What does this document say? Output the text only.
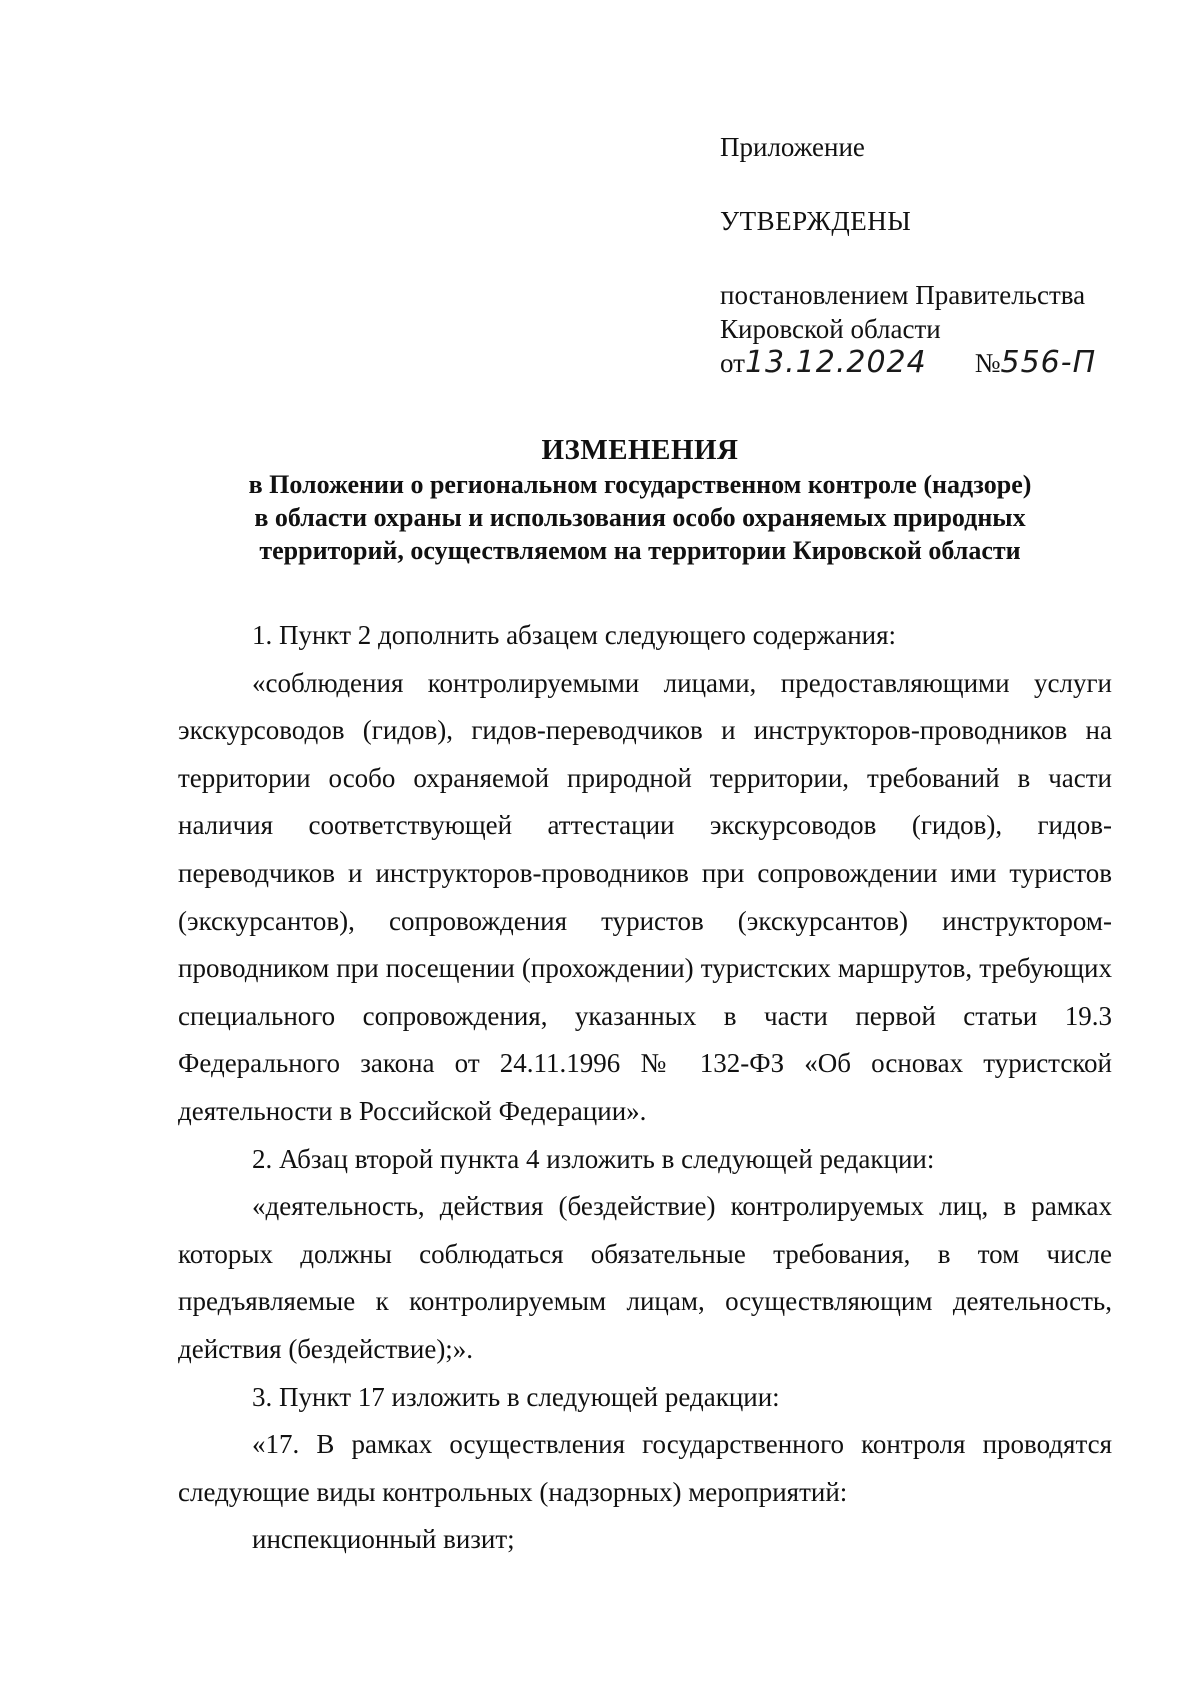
Приложение
УТВЕРЖДЕНЫ
постановлением Правительства
Кировской области
от13.12.2024 №556-П
ИЗМЕНЕНИЯ
в Положении о региональном государственном контроле (надзоре)
в области охраны и использования особо охраняемых природных
территорий, осуществляемом на территории Кировской области

1. Пункт 2 дополнить абзацем следующего содержания:

«соблюдения контролируемыми лицами, предоставляющими услуги экскурсоводов (гидов), гидов-переводчиков и инструкторов-проводников на территории особо охраняемой природной территории, требований в части наличия соответствующей аттестации экскурсоводов (гидов), гидов-переводчиков и инструкторов-проводников при сопровождении ими туристов (экскурсантов), сопровождения туристов (экскурсантов) инструктором-проводником при посещении (прохождении) туристских маршрутов, требующих специального сопровождения, указанных в части первой статьи 19.3 Федерального закона от 24.11.1996 № 132-ФЗ «Об основах туристской деятельности в Российской Федерации».

2. Абзац второй пункта 4 изложить в следующей редакции:

«деятельность, действия (бездействие) контролируемых лиц, в рамках которых должны соблюдаться обязательные требования, в том числе предъявляемые к контролируемым лицам, осуществляющим деятельность, действия (бездействие);».

3. Пункт 17 изложить в следующей редакции:

«17. В рамках осуществления государственного контроля проводятся следующие виды контрольных (надзорных) мероприятий:

инспекционный визит;
